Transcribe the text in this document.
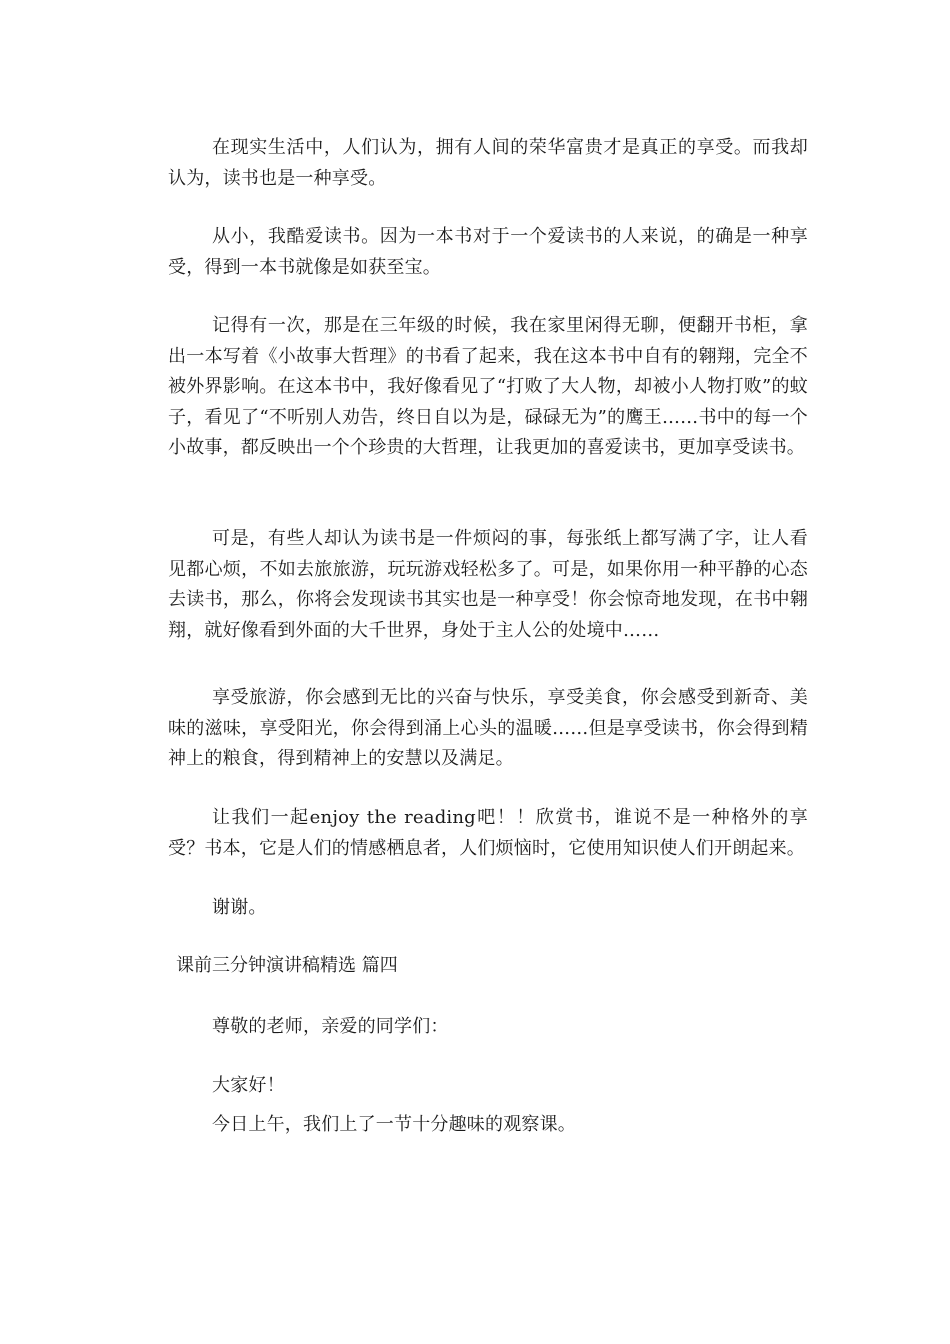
在现实生活中，人们认为，拥有人间的荣华富贵才是真正的享受。而我却认为，读书也是一种享受。

从小，我酷爱读书。因为一本书对于一个爱读书的人来说，的确是一种享受，得到一本书就像是如获至宝。

记得有一次，那是在三年级的时候，我在家里闲得无聊，便翻开书柜，拿出一本写着《小故事大哲理》的书看了起来，我在这本书中自有的翱翔，完全不被外界影响。在这本书中，我好像看见了“打败了大人物，却被小人物打败”的蚊子，看见了“不听别人劝告，终日自以为是，碌碌无为”的鹰王……书中的每一个小故事，都反映出一个个珍贵的大哲理，让我更加的喜爱读书，更加享受读书。

可是，有些人却认为读书是一件烦闷的事，每张纸上都写满了字，让人看见都心烦，不如去旅旅游，玩玩游戏轻松多了。可是，如果你用一种平静的心态去读书，那么，你将会发现读书其实也是一种享受！你会惊奇地发现，在书中翱翔，就好像看到外面的大千世界，身处于主人公的处境中……

享受旅游，你会感到无比的兴奋与快乐，享受美食，你会感受到新奇、美味的滋味，享受阳光，你会得到涌上心头的温暖……但是享受读书，你会得到精神上的粮食，得到精神上的安慧以及满足。

让我们一起enjoy the reading吧！！欣赏书，谁说不是一种格外的享受？书本，它是人们的情感栖息者，人们烦恼时，它使用知识使人们开朗起来。

谢谢。

课前三分钟演讲稿精选 篇四

尊敬的老师，亲爱的同学们：

大家好！

今日上午，我们上了一节十分趣味的观察课。
